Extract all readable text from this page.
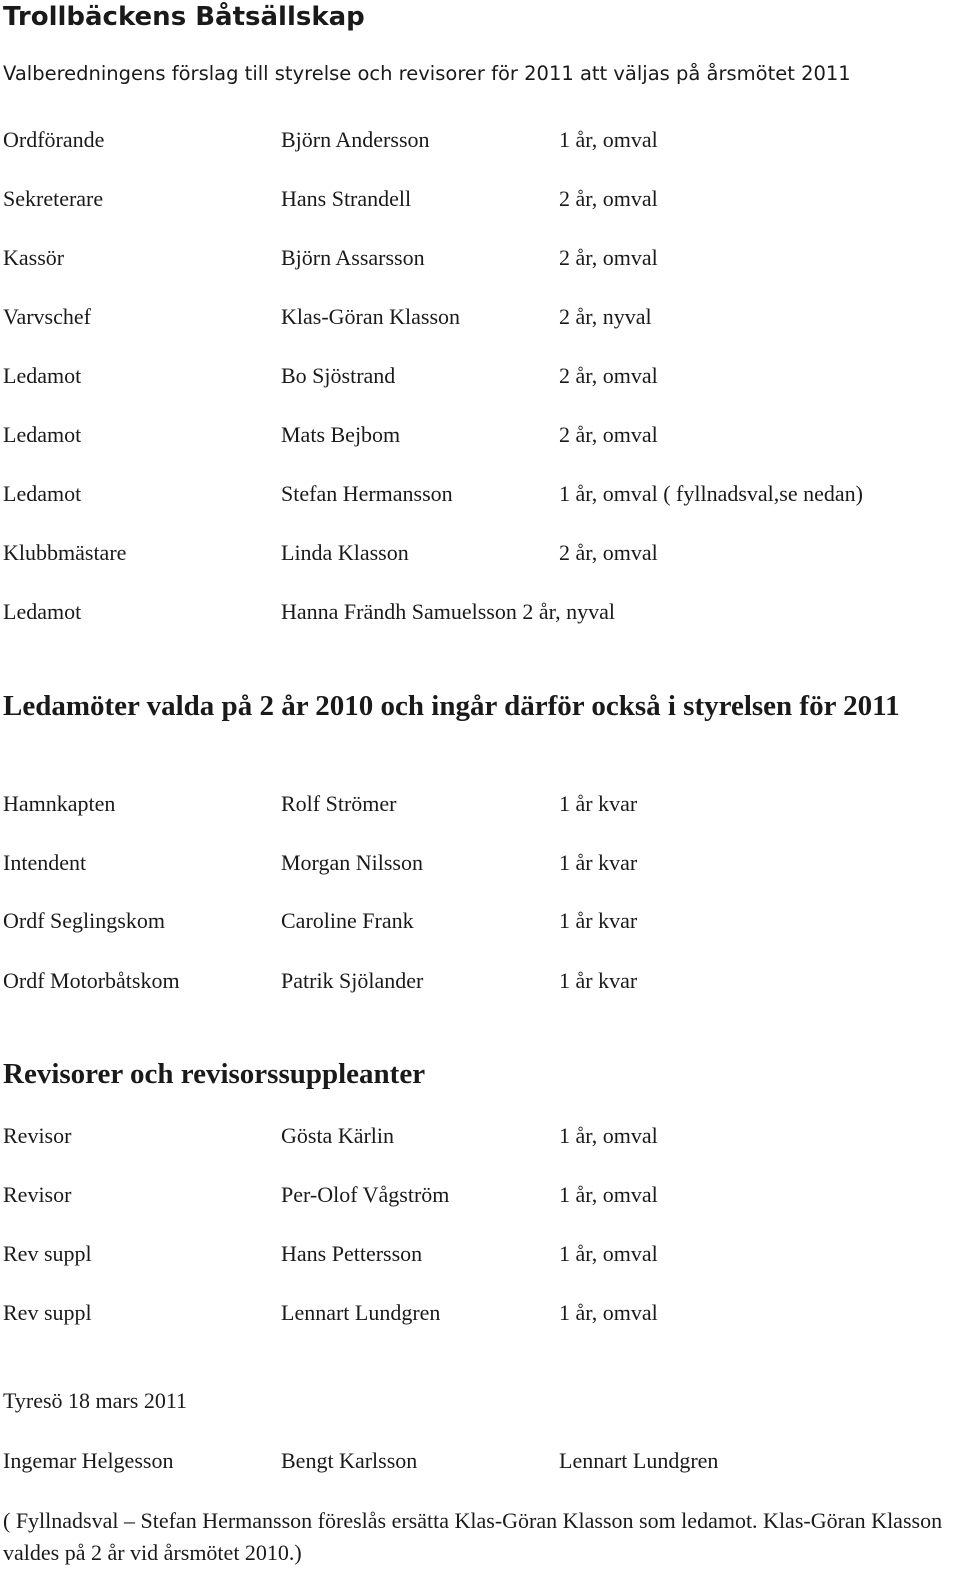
Trollbäckens Båtsällskap
Valberedningens förslag till styrelse och revisorer för 2011 att väljas på årsmötet 2011
Ordförande	Björn Andersson	1 år, omval
Sekreterare	Hans Strandell	2 år, omval
Kassör	Björn Assarsson	2 år, omval
Varvschef	Klas-Göran Klasson	2 år, nyval
Ledamot	Bo Sjöstrand	2 år, omval
Ledamot	Mats Bejbom	2 år, omval
Ledamot	Stefan Hermansson	1 år, omval ( fyllnadsval,se nedan)
Klubbmästare	Linda Klasson	2 år, omval
Ledamot	Hanna Frändh Samuelsson 2 år, nyval
Ledamöter valda på 2 år 2010 och ingår därför också i styrelsen för 2011
Hamnkapten	Rolf Strömer	1 år kvar
Intendent	Morgan Nilsson	1 år kvar
Ordf Seglingskom	Caroline Frank	1 år kvar
Ordf Motorbåtskom	Patrik Sjölander	1 år kvar
Revisorer och revisorssuppleanter
Revisor	Gösta Kärlin	1 år, omval
Revisor	Per-Olof Vågström	1 år, omval
Rev suppl	Hans Pettersson	1 år, omval
Rev suppl	Lennart Lundgren	1 år, omval
Tyresö 18 mars 2011
Ingemar Helgesson	Bengt Karlsson	Lennart Lundgren
( Fyllnadsval – Stefan Hermansson föreslås ersätta Klas-Göran Klasson som ledamot. Klas-Göran Klasson valdes på 2 år vid årsmötet 2010.)
